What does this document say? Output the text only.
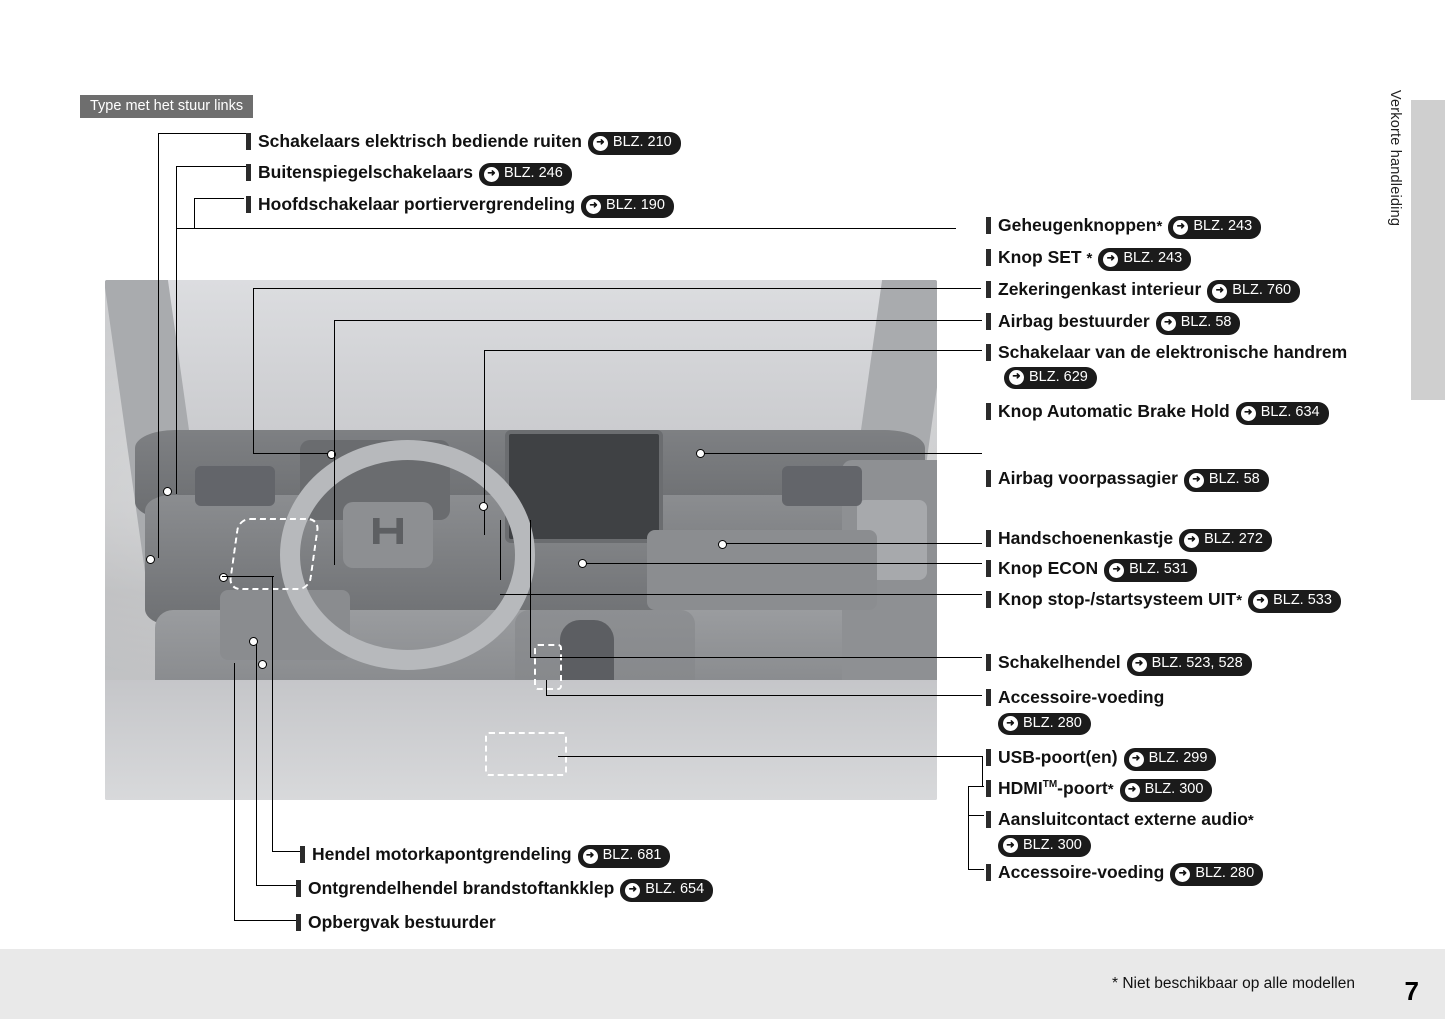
Verkorte handleiding
Type met het stuur links
Schakelaars elektrisch bediende ruiten	➜ BLZ. 210
Buitenspiegelschakelaars	➜ BLZ. 246
Hoofdschakelaar portiervergrendeling	➜ BLZ. 190
Geheugenknoppen*	➜ BLZ. 243
Knop SET *	➜ BLZ. 243
Zekeringenkast interieur	➜ BLZ. 760
Airbag bestuurder	➜ BLZ. 58
Schakelaar van de elektronische handrem
➜ BLZ. 629
Knop Automatic Brake Hold	➜ BLZ. 634
Airbag voorpassagier	➜ BLZ. 58
Handschoenenkastje	➜ BLZ. 272
Knop ECON	➜ BLZ. 531
Knop stop-/startsysteem UIT*	➜ BLZ. 533
Schakelhendel	➜ BLZ. 523, 528
Accessoire-voeding

➜ BLZ. 280
USB-poort(en)	➜ BLZ. 299
HDMI™-poort*	➜ BLZ. 300
Aansluitcontact externe audio*

➜ BLZ. 300
Accessoire-voeding	➜ BLZ. 280
Hendel motorkapontgrendeling	➜ BLZ. 681
Ontgrendelhendel brandstoftankklep	➜ BLZ. 654
Opbergvak bestuurder
* Niet beschikbaar op alle modellen 7
